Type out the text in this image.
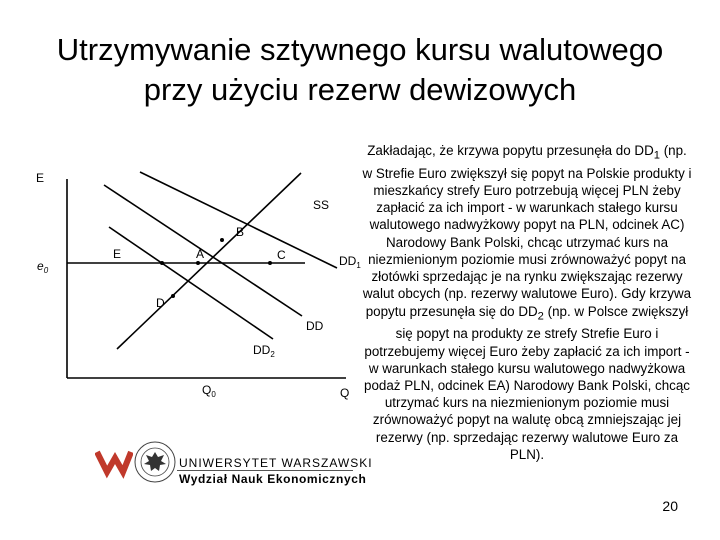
Utrzymywanie sztywnego kursu walutowego
przy użyciu rezerw dewizowych
E
Q
$e_0$
$Q_0$
SS
DD
$DD_1$
$DD_2$
A
B
C
D
E
Zakładając, że krzywa popytu przesunęła do $DD_1$ (np. w Strefie Euro zwiększył się popyt na Polskie produkty i mieszkańcy strefy Euro potrzebują więcej PLN żeby zapłacić za ich import - w warunkach stałego kursu walutowego nadwyżkowy popyt na PLN, odcinek AC) Narodowy Bank Polski, chcąc utrzymać kurs na niezmienionym poziomie musi zrównoważyć popyt na złotówki sprzedając je na rynku zwiększając rezerwy walut obcych (np. rezerwy walutowe Euro). Gdy krzywa popytu przesunęła się do $DD_2$ (np. w Polsce zwiększył się popyt na produkty ze strefy Strefie Euro i potrzebujemy więcej Euro żeby zapłacić za ich import - w warunkach stałego kursu walutowego nadwyżkowa podaż PLN, odcinek EA) Narodowy Bank Polski, chcąc utrzymać kurs na niezmienionym poziomie musi zrównoważyć popyt na walutę obcą zmniejszając jej rezerwy (np. sprzedając rezerwy walutowe Euro za PLN).
UNIWERSYTET WARSZAWSKI
Wydział Nauk Ekonomicznych
20
